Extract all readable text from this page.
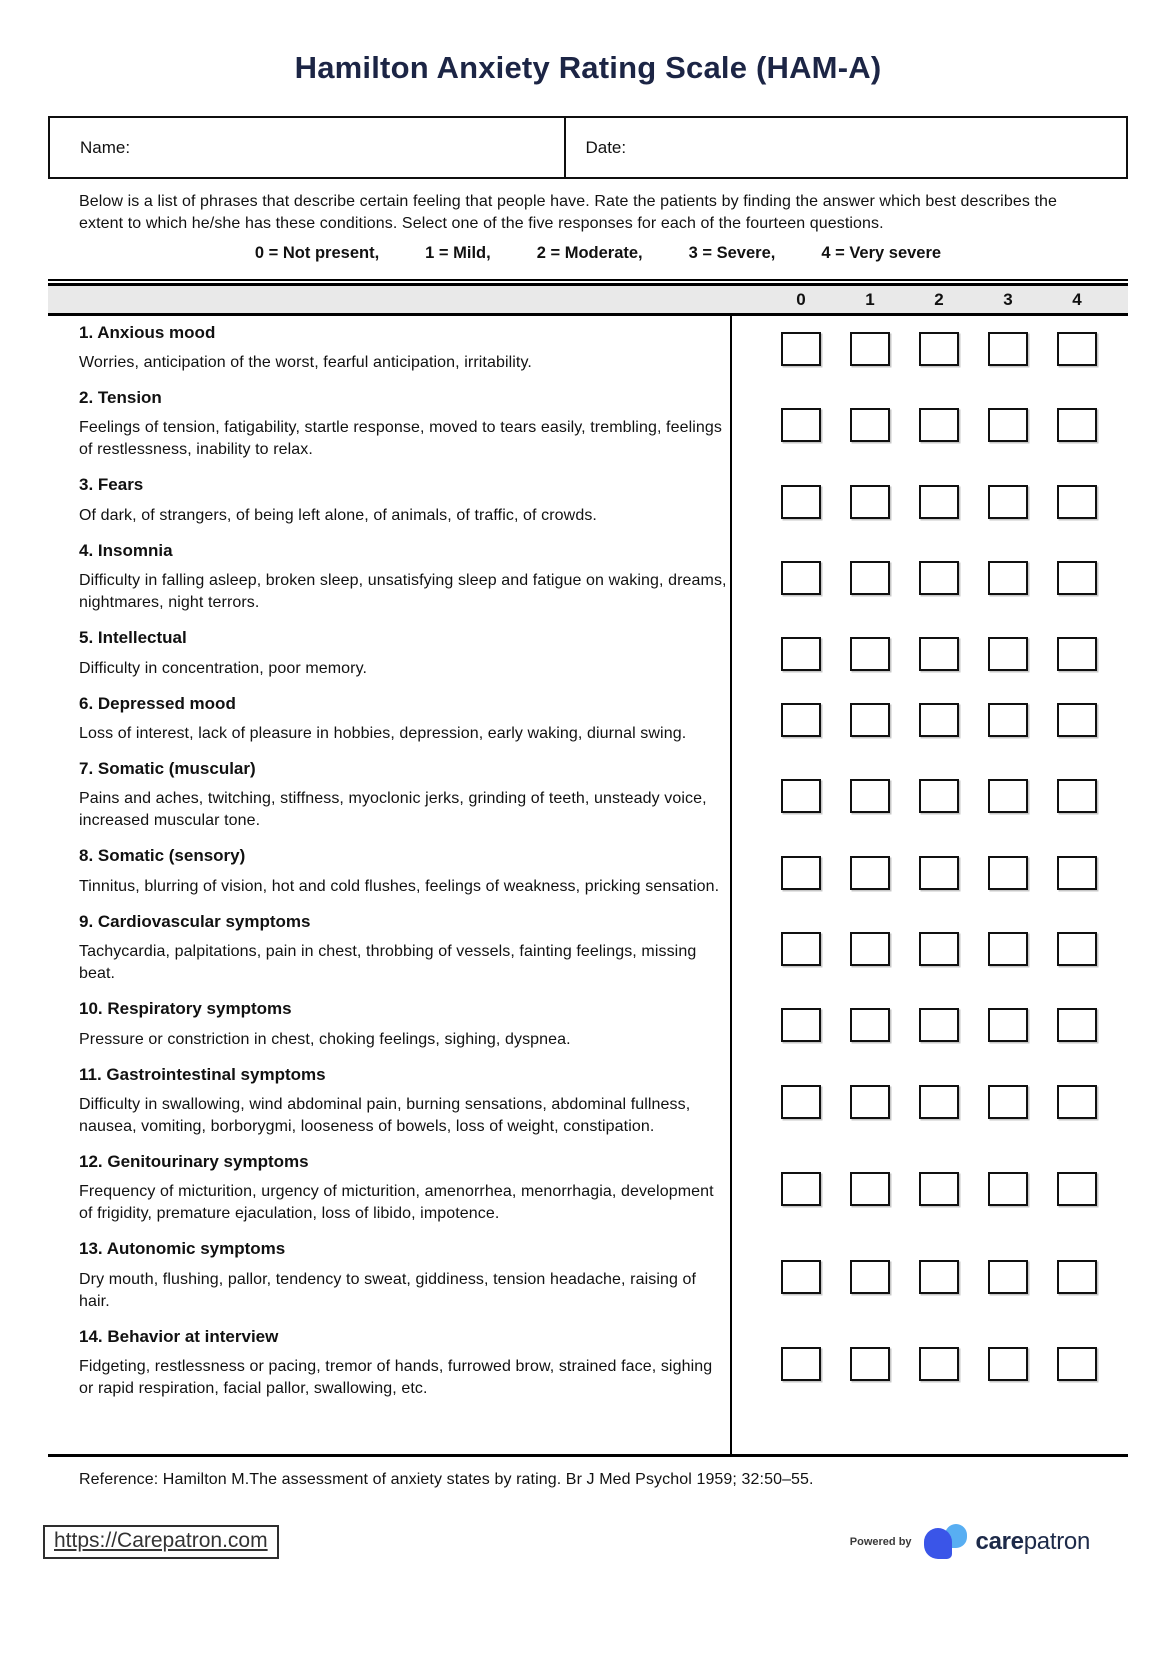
Hamilton Anxiety Rating Scale (HAM-A)
Name:	Date:

Below is a list of phrases that describe certain feeling that people have. Rate the patients by finding the answer which best describes the extent to which he/she has these conditions. Select one of the five responses for each of the fourteen questions.

0 = Not present,	1 = Mild,	2 = Moderate,	3 = Severe,	4 = Very severe
0	1	2	3	4
1. Anxious mood
Worries, anticipation of the worst, fearful anticipation, irritability.
2. Tension
Feelings of tension, fatigability, startle response, moved to tears easily, trembling, feelings of restlessness, inability to relax.
3. Fears
Of dark, of strangers, of being left alone, of animals, of traffic, of crowds.
4. Insomnia
Difficulty in falling asleep, broken sleep, unsatisfying sleep and fatigue on waking, dreams, nightmares, night terrors.
5. Intellectual
Difficulty in concentration, poor memory.
6. Depressed mood
Loss of interest, lack of pleasure in hobbies, depression, early waking, diurnal swing.
7. Somatic (muscular)
Pains and aches, twitching, stiffness, myoclonic jerks, grinding of teeth, unsteady voice, increased muscular tone.
8. Somatic (sensory)
Tinnitus, blurring of vision, hot and cold flushes, feelings of weakness, pricking sensation.
9. Cardiovascular symptoms
Tachycardia, palpitations, pain in chest, throbbing of vessels, fainting feelings, missing beat.
10. Respiratory symptoms
Pressure or constriction in chest, choking feelings, sighing, dyspnea.
11. Gastrointestinal symptoms
Difficulty in swallowing, wind abdominal pain, burning sensations, abdominal fullness, nausea, vomiting, borborygmi, looseness of bowels, loss of weight, constipation.
12. Genitourinary symptoms
Frequency of micturition, urgency of micturition, amenorrhea, menorrhagia, development of frigidity, premature ejaculation, loss of libido, impotence.
13. Autonomic symptoms
Dry mouth, flushing, pallor, tendency to sweat, giddiness, tension headache, raising of hair.
14. Behavior at interview
Fidgeting, restlessness or pacing, tremor of hands, furrowed brow, strained face, sighing or rapid respiration, facial pallor, swallowing, etc.

Reference: Hamilton M.The assessment of anxiety states by rating. Br J Med Psychol 1959; 32:50–55.

https://Carepatron.com	Powered by	carepatron
